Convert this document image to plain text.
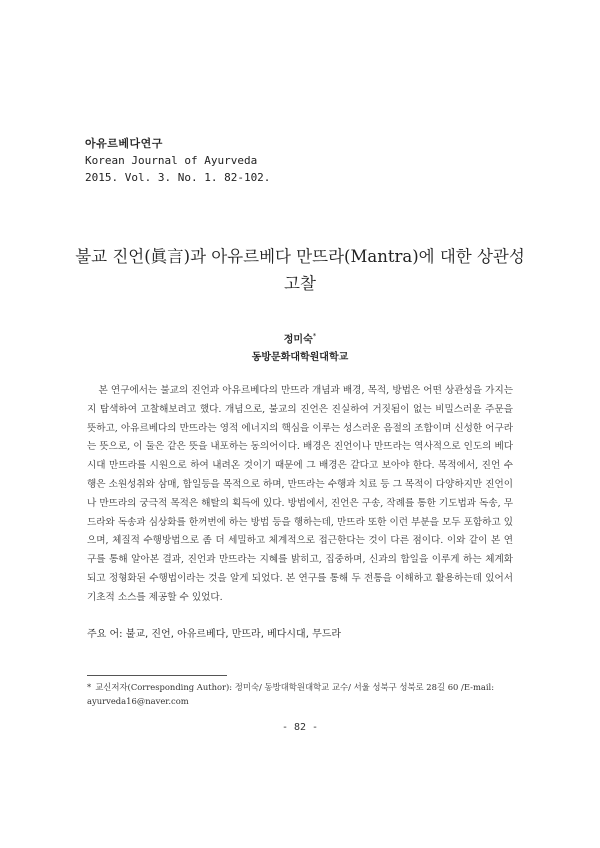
아유르베다연구
Korean Journal of Ayurveda
2015. Vol. 3. No. 1. 82-102.
불교 진언(眞言)과 아유르베다 만뜨라(Mantra)에 대한 상관성
고찰
정미숙*
동방문화대학원대학교

본 연구에서는 불교의 진언과 아유르베다의 만뜨라 개념과 배경, 목적, 방법은 어떤 상관성을 가지는지 탐색하여 고찰해보려고 했다. 개념으로, 불교의 진언은 진실하여 거짓됨이 없는 비밀스러운 주문을 뜻하고, 아유르베다의 만뜨라는 영적 에너지의 핵심을 이루는 성스러운 음절의 조합이며 신성한 어구라는 뜻으로, 이 둘은 같은 뜻을 내포하는 동의어이다. 배경은 진언이나 만뜨라는 역사적으로 인도의 베다시대 만뜨라를 시원으로 하여 내려온 것이기 때문에 그 배경은 같다고 보아야 한다. 목적에서, 진언 수행은 소원성취와 삼매, 합일등을 목적으로 하며, 만뜨라는 수행과 치료 등 그 목적이 다양하지만 진언이나 만뜨라의 궁극적 목적은 해탈의 획득에 있다. 방법에서, 진언은 구송, 작례를 통한 기도법과 독송, 무드라와 독송과 심상화를 한꺼번에 하는 방법 등을 행하는데, 만뜨라 또한 이런 부분을 모두 포함하고 있으며, 체질적 수행방법으로 좀 더 세밀하고 체계적으로 접근한다는 것이 다른 점이다. 이와 같이 본 연구를 통해 알아본 결과, 진언과 만뜨라는 지혜를 밝히고, 집중하며, 신과의 합일을 이루게 하는 체계화되고 정형화된 수행법이라는 것을 알게 되었다. 본 연구를 통해 두 전통을 이해하고 활용하는데 있어서 기초적 소스를 제공할 수 있었다.

주요 어: 불교, 진언, 아유르베다, 만뜨라, 베다시대, 무드라
* 교신저자(Corresponding Author): 정미숙/ 동방대학원대학교 교수/ 서울 성북구 성북로 28길 60 /E-mail:
ayurveda16@naver.com
- 82 -
